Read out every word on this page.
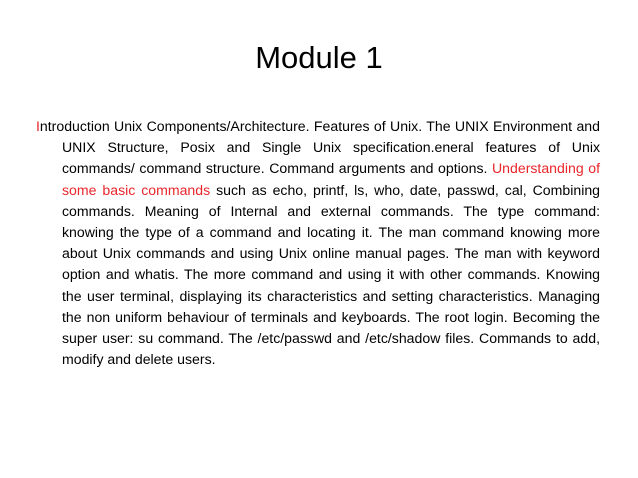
Module 1
Introduction Unix Components/Architecture. Features of Unix. The UNIX Environment and UNIX Structure, Posix and Single Unix specification.eneral features of Unix commands/ command structure. Command arguments and options. Understanding of some basic commands such as echo, printf, ls, who, date, passwd, cal, Combining commands. Meaning of Internal and external commands. The type command: knowing the type of a command and locating it. The man command knowing more about Unix commands and using Unix online manual pages. The man with keyword option and whatis. The more command and using it with other commands. Knowing the user terminal, displaying its characteristics and setting characteristics. Managing the non uniform behaviour of terminals and keyboards. The root login. Becoming the super user: su command. The /etc/passwd and /etc/shadow files. Commands to add, modify and delete users.
